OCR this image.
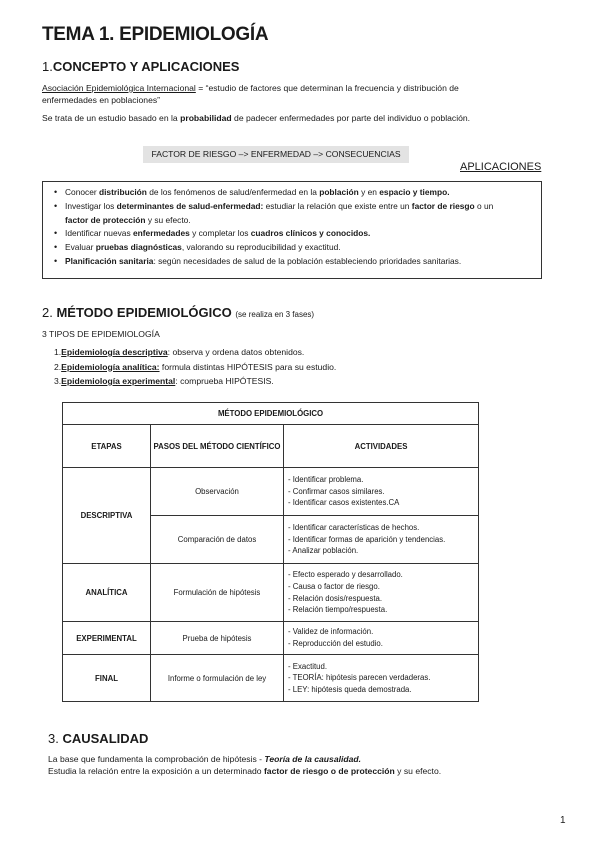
TEMA 1. EPIDEMIOLOGÍA
1.CONCEPTO Y APLICACIONES
Asociación Epidemiológica Internacional = “estudio de factores que determinan la frecuencia y distribución de
enfermedades en poblaciones”
Se trata de un estudio basado en la probabilidad de padecer enfermedades por parte del individuo o población.
FACTOR DE RIESGO –> ENFERMEDAD –> CONSECUENCIAS
APLICACIONES
• Conocer distribución de los fenómenos de salud/enfermedad en la población y en espacio y tiempo.
• Investigar los determinantes de salud-enfermedad: estudiar la relación que existe entre un factor de riesgo o un
factor de protección y su efecto.
• Identificar nuevas enfermedades y completar los cuadros clínicos y conocidos.
• Evaluar pruebas diagnósticas, valorando su reproducibilidad y exactitud.
• Planificación sanitaria: según necesidades de salud de la población estableciendo prioridades sanitarias.
2. MÉTODO EPIDEMIOLÓGICO (se realiza en 3 fases)
3 TIPOS DE EPIDEMIOLOGÍA
1.Epidemiología descriptiva: observa y ordena datos obtenidos.
2.Epidemiología analítica: formula distintas HIPÓTESIS para su estudio.
3.Epidemiología experimental: comprueba HIPÓTESIS.
MÉTODO EPIDEMIOLÓGICO		
ETAPAS	PASOS DEL MÉTODO CIENTÍFICO	ACTIVIDADES
DESCRIPTIVA	Observación	- Identificar problema.
- Confirmar casos similares.
- Identificar casos existentes.CA

	Comparación de datos	- Identificar características de hechos.
- Identificar formas de aparición y tendencias.
- Analizar población.

ANALÍTICA	Formulación de hipótesis	- Efecto esperado y desarrollado.
- Causa o factor de riesgo.
- Relación dosis/respuesta.
- Relación tiempo/respuesta.

EXPERIMENTAL	Prueba de hipótesis	- Validez de información.
- Reproducción del estudio.

FINAL	Informe o formulación de ley	- Exactitud.
- TEORÍA: hipótesis parecen verdaderas.
- LEY: hipótesis queda demostrada.
3. CAUSALIDAD
La base que fundamenta la comprobación de hipótesis - Teoría de la causalidad.
Estudia la relación entre la exposición a un determinado factor de riesgo o de protección y su efecto.
1
